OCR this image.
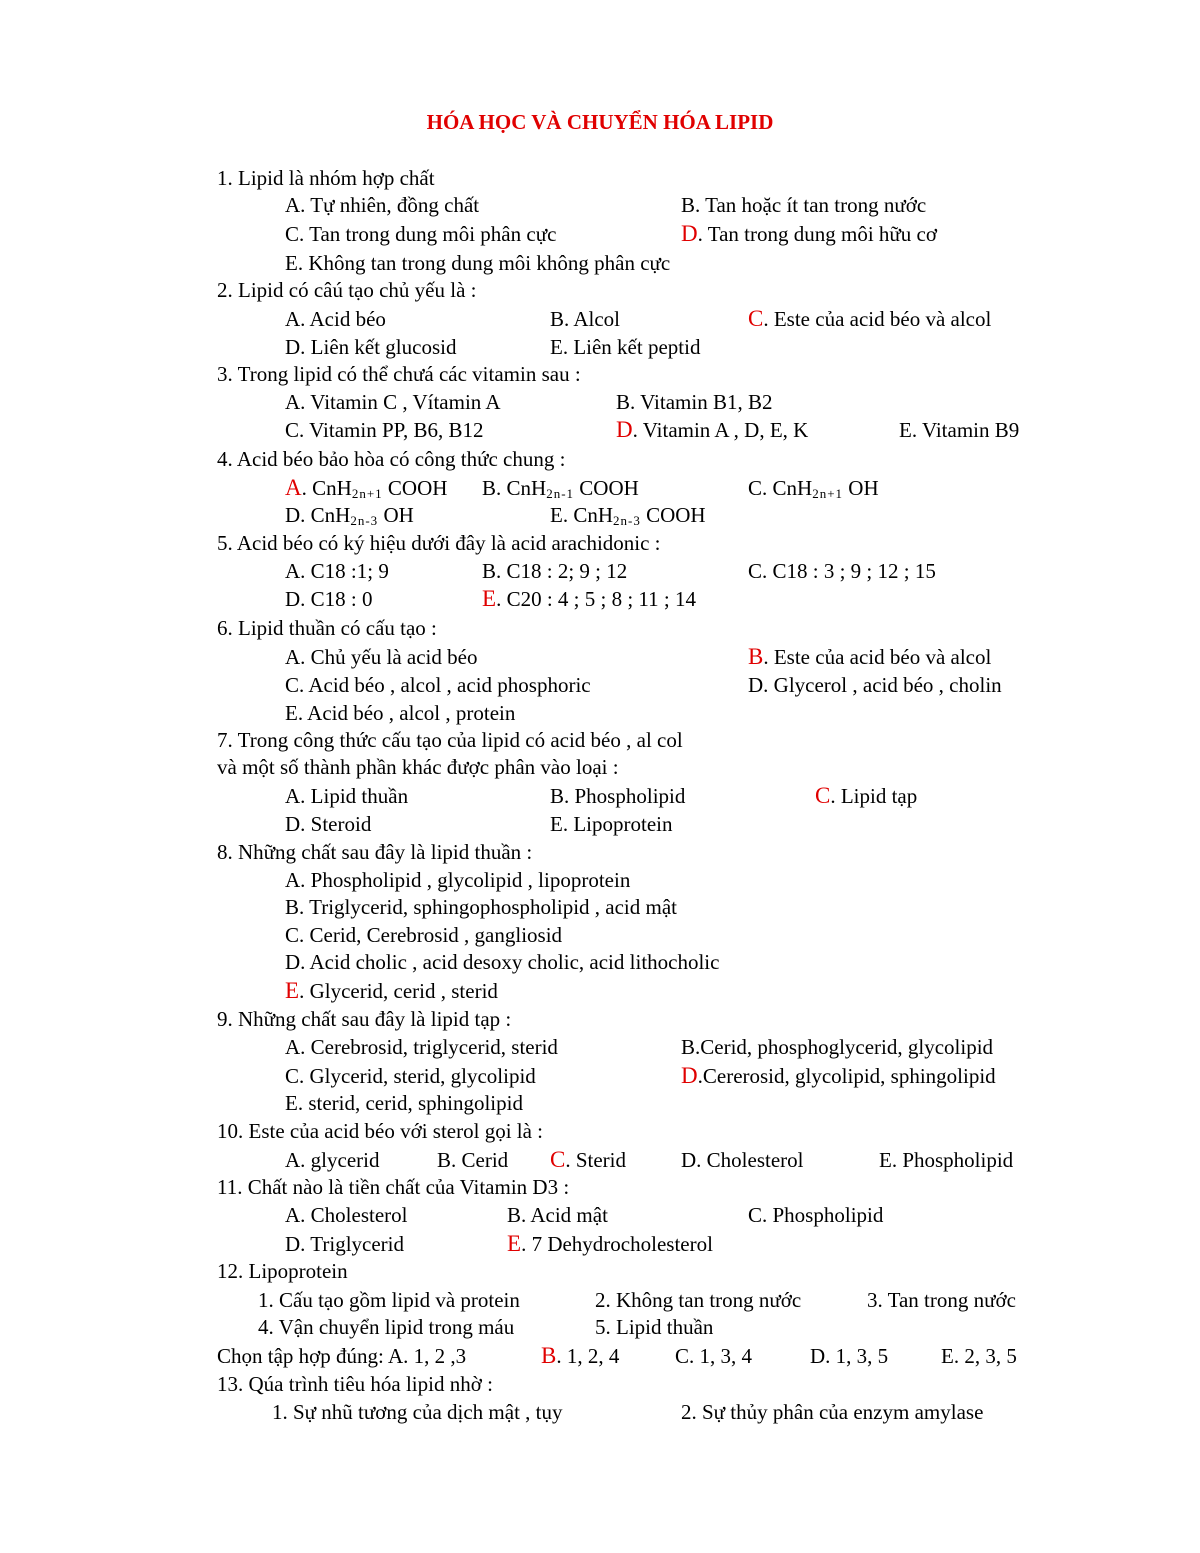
HÓA HỌC VÀ CHUYỂN HÓA LIPID
1. Lipid là nhóm hợp chất
A. Tự nhiên, đồng chất	B. Tan hoặc ít tan trong nước
C. Tan trong dung môi phân cực	D. Tan trong dung môi hữu cơ
E. Không tan trong dung môi không phân cực
2. Lipid có câú tạo chủ yếu là :
A. Acid béo	B. Alcol	C. Este của acid béo và alcol
D. Liên kết glucosid	E. Liên kết peptid
3. Trong lipid có thể chưá các vitamin sau :
A. Vitamin C , Vítamin A	B. Vitamin B1, B2
C. Vitamin PP, B6, B12	D. Vitamin A , D, E, K	E. Vitamin B9
4. Acid béo bảo hòa có công thức chung :
A. CnH$_{2n+1}$ COOH B. CnH$_{2n-1}$ COOH	C. CnH$_{2n+1}$ OH
D. CnH$_{2n-3}$ OH	E. CnH$_{2n-3}$ COOH
5. Acid béo có ký hiệu dưới đây là acid arachidonic :
A. C18 :1; 9	B. C18 : 2; 9 ; 12	C. C18 : 3 ; 9 ; 12 ; 15
D. C18 : 0	E. C20 : 4 ; 5 ; 8 ; 11 ; 14
6. Lipid thuần có cấu tạo :
A. Chủ yếu là acid béo	B. Este của acid béo và alcol
C. Acid béo , alcol , acid phosphoric	D. Glycerol , acid béo , cholin
E. Acid béo , alcol , protein
7. Trong công thức cấu tạo của lipid có acid béo , al col
và một số thành phần khác được phân vào loại :
A. Lipid thuần	B. Phospholipid	C. Lipid tạp
D. Steroid	E. Lipoprotein
8. Những chất sau đây là lipid thuần :
A. Phospholipid , glycolipid , lipoprotein
B. Triglycerid, sphingophospholipid , acid mật
C. Cerid, Cerebrosid , gangliosid
D. Acid cholic , acid desoxy cholic, acid lithocholic
E. Glycerid, cerid , sterid
9. Những chất sau đây là lipid tạp :
A. Cerebrosid, triglycerid, sterid	B.Cerid, phosphoglycerid, glycolipid
C. Glycerid, sterid, glycolipid	D.Cererosid, glycolipid, sphingolipid
E. sterid, cerid, sphingolipid
10. Este của acid béo với sterol gọi là :
A. glycerid	B. Cerid C. Sterid	D. Cholesterol	E. Phospholipid
11. Chất nào là tiền chất của Vitamin D3 :
A. Cholesterol	B. Acid mật	C. Phospholipid
D. Triglycerid	E. 7 Dehydrocholesterol
12. Lipoprotein
1. Cấu tạo gồm lipid và protein	2. Không tan trong nước	3. Tan trong nước
4. Vận chuyển lipid trong máu	5. Lipid thuần
Chọn tập hợp đúng: A. 1, 2 ,3	B. 1, 2, 4	C. 1, 3, 4	D. 1, 3, 5	E. 2, 3, 5
13. Qúa trình tiêu hóa lipid nhờ :
1. Sự nhũ tương của dịch mật , tụy	2. Sự thủy phân của enzym amylase
